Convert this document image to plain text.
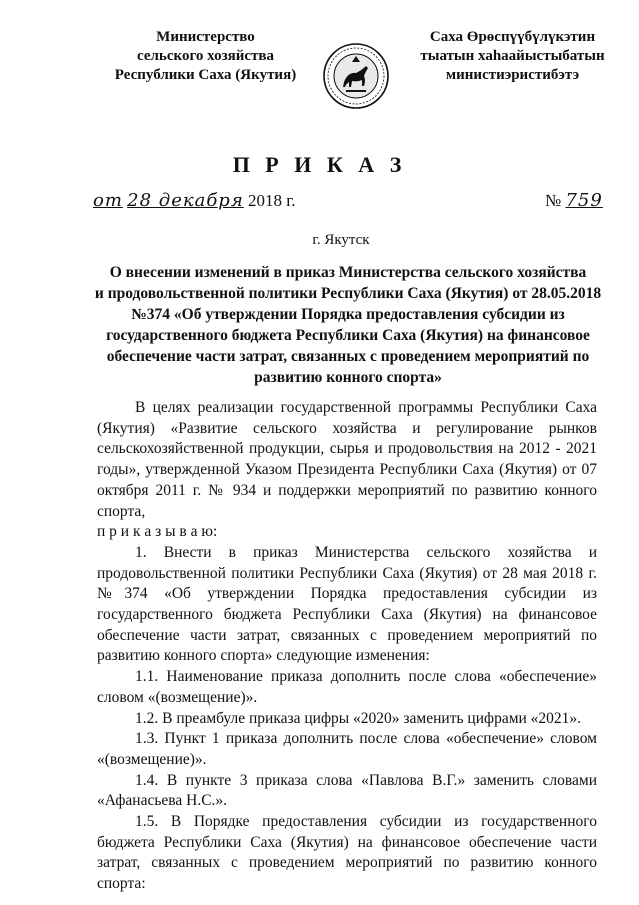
Министерство
сельского хозяйства
Республики Саха (Якутия)
Саха Өрөспүүбүлүкэтин
тыатын хаһаайыстыбатын
министиэристибэтэ
П Р И К А З
от 28 декабря 2018 г.	№ 759
г. Якутск
О внесении изменений в приказ Министерства сельского хозяйства
и продовольственной политики Республики Саха (Якутия) от 28.05.2018
№374 «Об утверждении Порядка предоставления субсидии из
государственного бюджета Республики Саха (Якутия) на финансовое
обеспечение части затрат, связанных с проведением мероприятий по
развитию конного спорта»

В целях реализации государственной программы Республики Саха (Якутия) «Развитие сельского хозяйства и регулирование рынков сельскохозяйственной продукции, сырья и продовольствия на 2012 - 2021 годы», утвержденной Указом Президента Республики Саха (Якутия) от 07 октября 2011 г. № 934 и поддержки мероприятий по развитию конного спорта,

п р и к а з ы в а ю:

1. Внести в приказ Министерства сельского хозяйства и продовольственной политики Республики Саха (Якутия) от 28 мая 2018 г. №374 «Об утверждении Порядка предоставления субсидии из государственного бюджета Республики Саха (Якутия) на финансовое обеспечение части затрат, связанных с проведением мероприятий по развитию конного спорта» следующие изменения:

1.1. Наименование приказа дополнить после слова «обеспечение» словом «(возмещение)».

1.2. В преамбуле приказа цифры «2020» заменить цифрами «2021».

1.3. Пункт 1 приказа дополнить после слова «обеспечение» словом «(возмещение)».

1.4. В пункте 3 приказа слова «Павлова В.Г.» заменить словами «Афанасьева Н.С.».

1.5. В Порядке предоставления субсидии из государственного бюджета Республики Саха (Якутия) на финансовое обеспечение части затрат, связанных с проведением мероприятий по развитию конного спорта:
